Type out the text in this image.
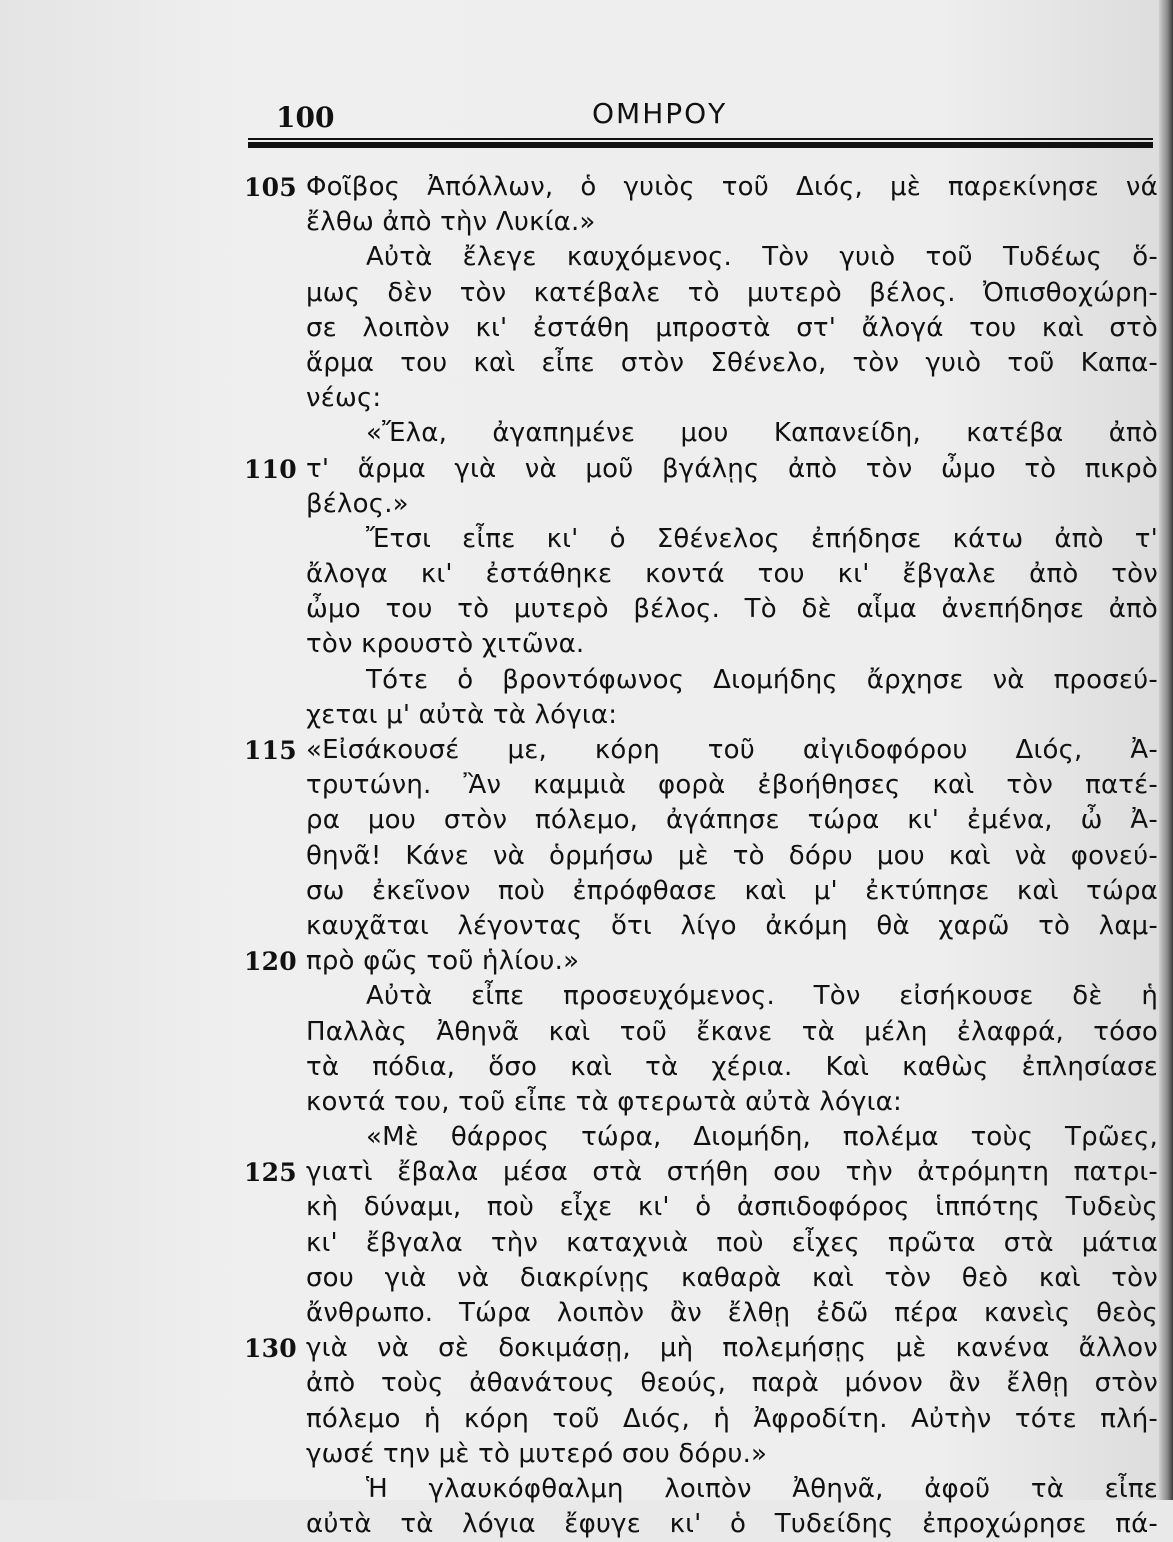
100	ΟΜΗΡΟΥ
105 Φοῖβος Ἀπόλλων, ὁ γυιὸς τοῦ Διός, μὲ παρεκίνησε νά
ἔλθω ἀπὸ τὴν Λυκία.»
Αὐτὰ ἔλεγε καυχόμενος. Τὸν γυιὸ τοῦ Τυδέως ὅ-
μως δὲν τὸν κατέβαλε τὸ μυτερὸ βέλος. Ὀπισθοχώρη-
σε λοιπὸν κι' ἐστάθη μπροστὰ στ' ἄλογά του καὶ στὸ
ἅρμα του καὶ εἶπε στὸν Σθένελο, τὸν γυιὸ τοῦ Καπα-
νέως:
«Ἔλα, ἀγαπημένε μου Καπανείδη, κατέβα ἀπὸ
110 τ' ἅρμα γιὰ νὰ μοῦ βγάλῃς ἀπὸ τὸν ὦμο τὸ πικρὸ
βέλος.»
Ἔτσι εἶπε κι' ὁ Σθένελος ἐπήδησε κάτω ἀπὸ τ'
ἄλογα κι' ἐστάθηκε κοντά του κι' ἔβγαλε ἀπὸ τὸν
ὦμο του τὸ μυτερὸ βέλος. Τὸ δὲ αἷμα ἀνεπήδησε ἀπὸ
τὸν κρουστὸ χιτῶνα.
Τότε ὁ βροντόφωνος Διομήδης ἄρχησε νὰ προσεύ-
χεται μ' αὐτὰ τὰ λόγια:
115 «Εἰσάκουσέ με, κόρη τοῦ αἰγιδοφόρου Διός, Ἀ-
τρυτώνη. Ἂν καμμιὰ φορὰ ἐβοήθησες καὶ τὸν πατέ-
ρα μου στὸν πόλεμο, ἀγάπησε τώρα κι' ἐμένα, ὦ Ἀ-
θηνᾶ! Κάνε νὰ ὁρμήσω μὲ τὸ δόρυ μου καὶ νὰ φονεύ-
σω ἐκεῖνον ποὺ ἐπρόφθασε καὶ μ' ἐκτύπησε καὶ τώρα
καυχᾶται λέγοντας ὅτι λίγο ἀκόμη θὰ χαρῶ τὸ λαμ-
120 πρὸ φῶς τοῦ ἡλίου.»
Αὐτὰ εἶπε προσευχόμενος. Τὸν εἰσήκουσε δὲ ἡ
Παλλὰς Ἀθηνᾶ καὶ τοῦ ἔκανε τὰ μέλη ἐλαφρά, τόσο
τὰ πόδια, ὅσο καὶ τὰ χέρια. Καὶ καθὼς ἐπλησίασε
κοντά του, τοῦ εἶπε τὰ φτερωτὰ αὐτὰ λόγια:
«Μὲ θάρρος τώρα, Διομήδη, πολέμα τοὺς Τρῶες,
125 γιατὶ ἔβαλα μέσα στὰ στήθη σου τὴν ἀτρόμητη πατρι-
κὴ δύναμι, ποὺ εἶχε κι' ὁ ἀσπιδοφόρος ἱππότης Τυδεὺς
κι' ἔβγαλα τὴν καταχνιὰ ποὺ εἶχες πρῶτα στὰ μάτια
σου γιὰ νὰ διακρίνῃς καθαρὰ καὶ τὸν θεὸ καὶ τὸν
ἄνθρωπο. Τώρα λοιπὸν ἂν ἔλθῃ ἐδῶ πέρα κανεὶς θεὸς
130 γιὰ νὰ σὲ δοκιμάσῃ, μὴ πολεμήσῃς μὲ κανένα ἄλλον
ἀπὸ τοὺς ἀθανάτους θεούς, παρὰ μόνον ἂν ἔλθῃ στὸν
πόλεμο ἡ κόρη τοῦ Διός, ἡ Ἀφροδίτη. Αὐτὴν τότε πλή-
γωσέ την μὲ τὸ μυτερό σου δόρυ.»
Ἡ γλαυκόφθαλμη λοιπὸν Ἀθηνᾶ, ἀφοῦ τὰ εἶπε
αὐτὰ τὰ λόγια ἔφυγε κι' ὁ Τυδείδης ἐπροχώρησε πά-
